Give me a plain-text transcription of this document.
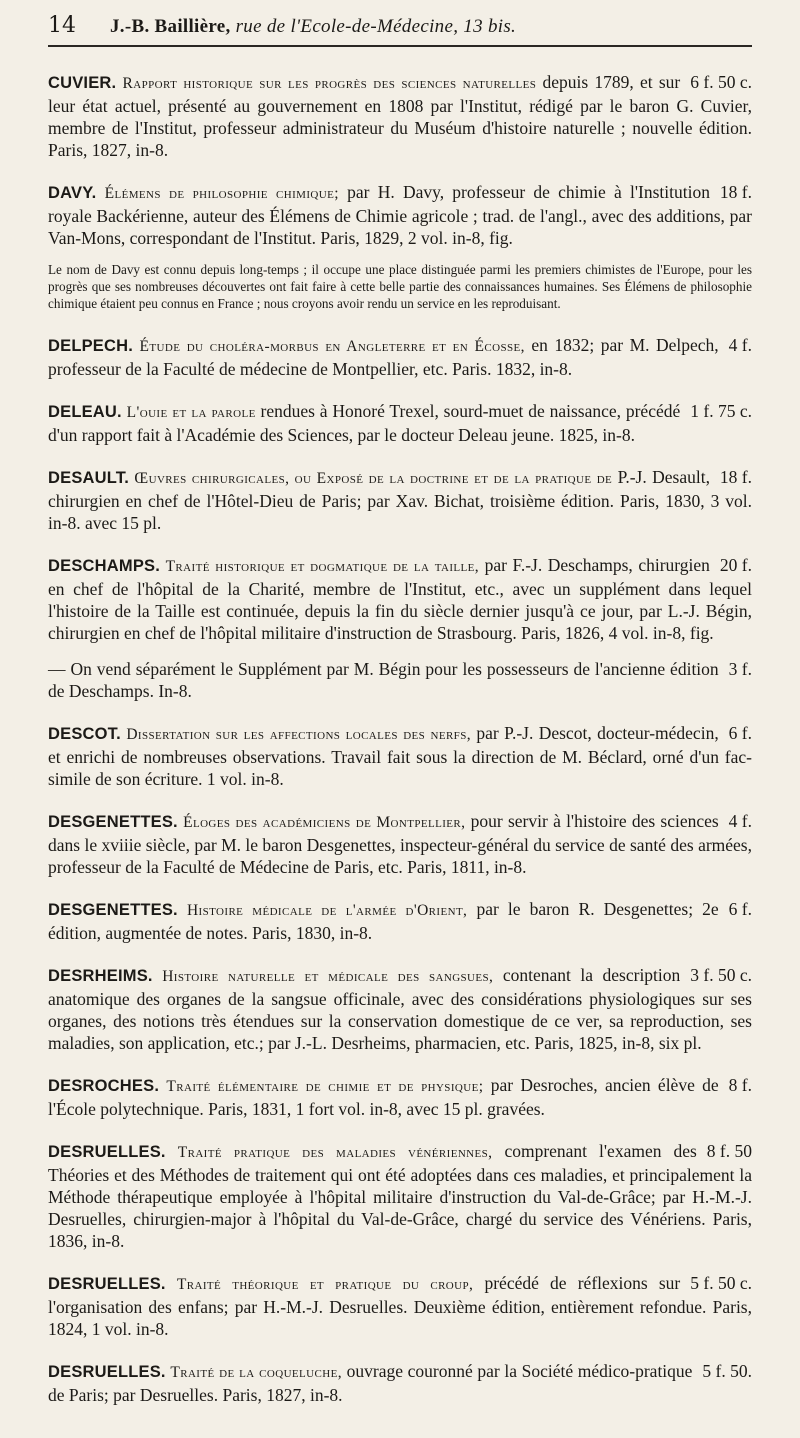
14	J.-B. Baillière, rue de l'Ecole-de-Médecine, 13 bis.

6 f. 50 c.
CUVIER. Rapport historique sur les progrès des sciences naturelles depuis 1789, et sur leur état actuel, présenté au gouvernement en 1808 par l'Institut, rédigé par le baron G. Cuvier, membre de l'Institut, professeur administrateur du Muséum d'histoire naturelle ; nouvelle édition. Paris, 1827, in-8.

18 f.
DAVY. Élémens de philosophie chimique; par H. Davy, professeur de chimie à l'Institution royale Backérienne, auteur des Élémens de Chimie agricole ; trad. de l'angl., avec des additions, par Van-Mons, correspondant de l'Institut. Paris, 1829, 2 vol. in-8, fig.

Le nom de Davy est connu depuis long-temps ; il occupe une place distinguée parmi les premiers chimistes de l'Europe, pour les progrès que ses nombreuses découvertes ont fait faire à cette belle partie des connaissances humaines. Ses Élémens de philosophie chimique étaient peu connus en France ; nous croyons avoir rendu un service en les reproduisant.

4 f.
DELPECH. Étude du choléra-morbus en Angleterre et en Écosse, en 1832; par M. Delpech, professeur de la Faculté de médecine de Montpellier, etc. Paris. 1832, in-8.

1 f. 75 c.
DELEAU. L'ouie et la parole rendues à Honoré Trexel, sourd-muet de naissance, précédé d'un rapport fait à l'Académie des Sciences, par le docteur Deleau jeune. 1825, in-8.

18 f.
DESAULT. Œuvres chirurgicales, ou Exposé de la doctrine et de la pratique de P.-J. Desault, chirurgien en chef de l'Hôtel-Dieu de Paris; par Xav. Bichat, troisième édition. Paris, 1830, 3 vol. in-8. avec 15 pl.

20 f.
DESCHAMPS. Traité historique et dogmatique de la taille, par F.-J. Deschamps, chirurgien en chef de l'hôpital de la Charité, membre de l'Institut, etc., avec un supplément dans lequel l'histoire de la Taille est continuée, depuis la fin du siècle dernier jusqu'à ce jour, par L.-J. Bégin, chirurgien en chef de l'hôpital militaire d'instruction de Strasbourg. Paris, 1826, 4 vol. in-8, fig.

3 f.
— On vend séparément le Supplément par M. Bégin pour les possesseurs de l'ancienne édition de Deschamps. In-8.

6 f.
DESCOT. Dissertation sur les affections locales des nerfs, par P.-J. Descot, docteur-médecin, et enrichi de nombreuses observations. Travail fait sous la direction de M. Béclard, orné d'un fac-simile de son écriture. 1 vol. in-8.

4 f.
DESGENETTES. Éloges des académiciens de Montpellier, pour servir à l'histoire des sciences dans le xviiie siècle, par M. le baron Desgenettes, inspecteur-général du service de santé des armées, professeur de la Faculté de Médecine de Paris, etc. Paris, 1811, in-8.

6 f.
DESGENETTES. Histoire médicale de l'armée d'Orient, par le baron R. Desgenettes; 2e édition, augmentée de notes. Paris, 1830, in-8.

3 f. 50 c.
DESRHEIMS. Histoire naturelle et médicale des sangsues, contenant la description anatomique des organes de la sangsue officinale, avec des considérations physiologiques sur ses organes, des notions très étendues sur la conservation domestique de ce ver, sa reproduction, ses maladies, son application, etc.; par J.-L. Desrheims, pharmacien, etc. Paris, 1825, in-8, six pl.

8 f.
DESROCHES. Traité élémentaire de chimie et de physique; par Desroches, ancien élève de l'École polytechnique. Paris, 1831, 1 fort vol. in-8, avec 15 pl. gravées.

8 f. 50
DESRUELLES. Traité pratique des maladies vénériennes, comprenant l'examen des Théories et des Méthodes de traitement qui ont été adoptées dans ces maladies, et principalement la Méthode thérapeutique employée à l'hôpital militaire d'instruction du Val-de-Grâce; par H.-M.-J. Desruelles, chirurgien-major à l'hôpital du Val-de-Grâce, chargé du service des Vénériens. Paris, 1836, in-8.

5 f. 50 c.
DESRUELLES. Traité théorique et pratique du croup, précédé de réflexions sur l'organisation des enfans; par H.-M.-J. Desruelles. Deuxième édition, entièrement refondue. Paris, 1824, 1 vol. in-8.

5 f. 50.
DESRUELLES. Traité de la coqueluche, ouvrage couronné par la Société médico-pratique de Paris; par Desruelles. Paris, 1827, in-8.
